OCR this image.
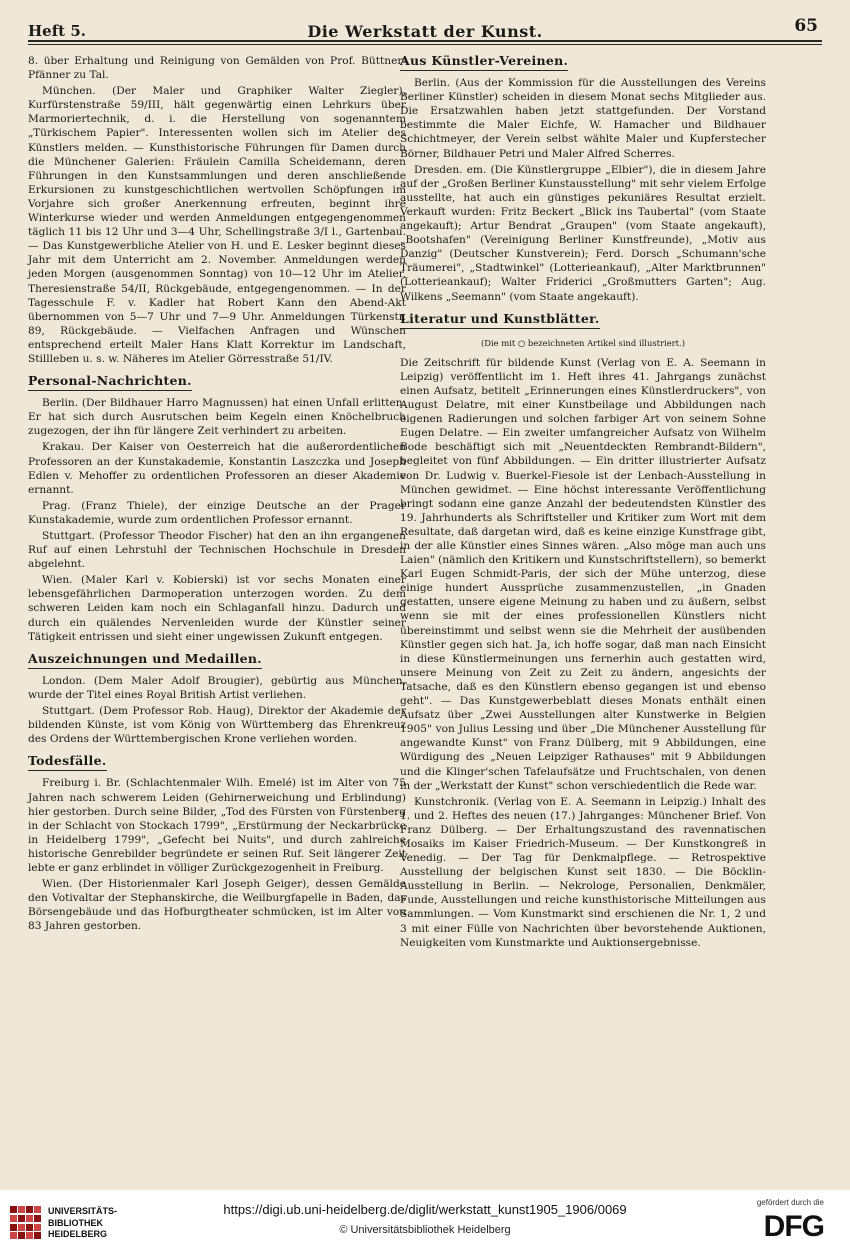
Heft 5.	Die Werkstatt der Kunst.	65

8. über Erhaltung und Reinigung von Gemälden von Prof. Büttner-Pfänner zu Tal.

München. (Der Maler und Graphiker Walter Ziegler), Kurfürstenstraße 59/III, hält gegenwärtig einen Lehrkurs über Marmoriertechnik, d. i. die Herstellung von sogenanntem „Türkischem Papier". Interessenten wollen sich im Atelier des Künstlers melden. — Kunsthistorische Führungen für Damen durch die Münchener Galerien: Fräulein Camilla Scheidemann, deren Führungen in den Kunstsammlungen und deren anschließende Erkursionen zu kunstgeschichtlichen wertvollen Schöpfungen im Vorjahre sich großer Anerkennung erfreuten, beginnt ihre Winterkurse wieder und werden Anmeldungen entgegengenommen täglich 11 bis 12 Uhr und 3—4 Uhr, Schellingstraße 3/I l., Gartenbau. — Das Kunstgewerbliche Atelier von H. und E. Lesker beginnt dieses Jahr mit dem Unterricht am 2. November. Anmeldungen werden jeden Morgen (ausgenommen Sonntag) von 10—12 Uhr im Atelier, Theresienstraße 54/II, Rückgebäude, entgegengenommen. — In der Tagesschule F. v. Kadler hat Robert Kann den Abend-Akt übernommen von 5—7 Uhr und 7—9 Uhr. Anmeldungen Türkenstr. 89, Rückgebäude. — Vielfachen Anfragen und Wünschen entsprechend erteilt Maler Hans Klatt Korrektur im Landschaft, Stillleben u. s. w. Näheres im Atelier Görresstraße 51/IV.

Personal-Nachrichten.

Berlin. (Der Bildhauer Harro Magnussen) hat einen Unfall erlitten. Er hat sich durch Ausrutschen beim Kegeln einen Knöchelbruch zugezogen, der ihn für längere Zeit verhindert zu arbeiten.

Krakau. Der Kaiser von Oesterreich hat die außerordentlichen Professoren an der Kunstakademie, Konstantin Laszczka und Joseph Edlen v. Mehoffer zu ordentlichen Professoren an dieser Akademie ernannt.

Prag. (Franz Thiele), der einzige Deutsche an der Prager Kunstakademie, wurde zum ordentlichen Professor ernannt.

Stuttgart. (Professor Theodor Fischer) hat den an ihn ergangenen Ruf auf einen Lehrstuhl der Technischen Hochschule in Dresden abgelehnt.

Wien. (Maler Karl v. Kobierski) ist vor sechs Monaten einer lebensgefährlichen Darmoperation unterzogen worden. Zu dem schweren Leiden kam noch ein Schlaganfall hinzu. Dadurch und durch ein quälendes Nervenleiden wurde der Künstler seiner Tätigkeit entrissen und sieht einer ungewissen Zukunft entgegen.

Auszeichnungen und Medaillen.

London. (Dem Maler Adolf Brougier), gebürtig aus München, wurde der Titel eines Royal British Artist verliehen.

Stuttgart. (Dem Professor Rob. Haug), Direktor der Akademie der bildenden Künste, ist vom König von Württemberg das Ehrenkreuz des Ordens der Württembergischen Krone verliehen worden.

Todesfälle.

Freiburg i. Br. (Schlachtenmaler Wilh. Emelé) ist im Alter von 75 Jahren nach schwerem Leiden (Gehirnerweichung und Erblindung) hier gestorben. Durch seine Bilder, „Tod des Fürsten von Fürstenberg in der Schlacht von Stockach 1799", „Erstürmung der Neckarbrücke in Heidelberg 1799", „Gefecht bei Nuits", und durch zahlreiche historische Genrebilder begründete er seinen Ruf. Seit längerer Zeit lebte er ganz erblindet in völliger Zurückgezogenheit in Freiburg.

Wien. (Der Historienmaler Karl Joseph Geiger), dessen Gemälde den Votivaltar der Stephanskirche, die Weilburgfapelle in Baden, das Börsengebäude und das Hofburgtheater schmücken, ist im Alter von 83 Jahren gestorben.

Aus Künstler-Vereinen.

Berlin. (Aus der Kommission für die Ausstellungen des Vereins Berliner Künstler) scheiden in diesem Monat sechs Mitglieder aus. Die Ersatzwahlen haben jetzt stattgefunden. Der Vorstand bestimmte die Maler Eichfe, W. Hamacher und Bildhauer Schichtmeyer, der Verein selbst wählte Maler und Kupferstecher Börner, Bildhauer Petri und Maler Alfred Scherres.

Dresden. em. (Die Künstlergruppe „Elbier"), die in diesem Jahre auf der „Großen Berliner Kunstausstellung" mit sehr vielem Erfolge ausstellte, hat auch ein günstiges pekuniäres Resultat erzielt. Verkauft wurden: Fritz Beckert „Blick ins Taubertal" (vom Staate angekauft); Artur Bendrat „Graupen" (vom Staate angekauft), „Bootshafen" (Vereinigung Berliner Kunstfreunde), „Motiv aus Danzig" (Deutscher Kunstverein); Ferd. Dorsch „Schumann'sche Träumerei", „Stadtwinkel" (Lotterieankauf), „Alter Marktbrunnen" (Lotterieankauf); Walter Friderici „Großmutters Garten"; Aug. Wilkens „Seemann" (vom Staate angekauft).

Literatur und Kunstblätter.
(Die mit ○ bezeichneten Artikel sind illustriert.)

Die Zeitschrift für bildende Kunst (Verlag von E. A. Seemann in Leipzig) veröffentlicht im 1. Heft ihres 41. Jahrgangs zunächst einen Aufsatz, betitelt „Erinnerungen eines Künstlerdruckers", von August Delatre, mit einer Kunstbeilage und Abbildungen nach eigenen Radierungen und solchen farbiger Art von seinem Sohne Eugen Delatre. — Ein zweiter umfangreicher Aufsatz von Wilhelm Bode beschäftigt sich mit „Neuentdeckten Rembrandt-Bildern", begleitet von fünf Abbildungen. — Ein dritter illustrierter Aufsatz von Dr. Ludwig v. Buerkel-Fiesole ist der Lenbach-Ausstellung in München gewidmet. — Eine höchst interessante Veröffentlichung bringt sodann eine ganze Anzahl der bedeutendsten Künstler des 19. Jahrhunderts als Schriftsteller und Kritiker zum Wort mit dem Resultate, daß dargetan wird, daß es keine einzige Kunstfrage gibt, in der alle Künstler eines Sinnes wären. „Also möge man auch uns Laien" (nämlich den Kritikern und Kunstschriftstellern), so bemerkt Karl Eugen Schmidt-Paris, der sich der Mühe unterzog, diese einige hundert Aussprüche zusammenzustellen, „in Gnaden gestatten, unsere eigene Meinung zu haben und zu äußern, selbst wenn sie mit der eines professionellen Künstlers nicht übereinstimmt und selbst wenn sie die Mehrheit der ausübenden Künstler gegen sich hat. Ja, ich hoffe sogar, daß man nach Einsicht in diese Künstlermeinungen uns fernerhin auch gestatten wird, unsere Meinung von Zeit zu Zeit zu ändern, angesichts der Tatsache, daß es den Künstlern ebenso gegangen ist und ebenso geht". — Das Kunstgewerbeblatt dieses Monats enthält einen Aufsatz über „Zwei Ausstellungen alter Kunstwerke in Belgien 1905" von Julius Lessing und über „Die Münchener Ausstellung für angewandte Kunst" von Franz Dülberg, mit 9 Abbildungen, eine Würdigung des „Neuen Leipziger Rathauses" mit 9 Abbildungen und die Klinger'schen Tafelaufsätze und Fruchtschalen, von denen in der „Werkstatt der Kunst" schon verschiedentlich die Rede war.

Kunstchronik. (Verlag von E. A. Seemann in Leipzig.) Inhalt des 1. und 2. Heftes des neuen (17.) Jahrganges: Münchener Brief. Von Franz Dülberg. — Der Erhaltungszustand des ravennatischen Mosaiks im Kaiser Friedrich-Museum. — Der Kunstkongreß in Venedig. — Der Tag für Denkmalpflege. — Retrospektive Ausstellung der belgischen Kunst seit 1830. — Die Böcklin-Ausstellung in Berlin. — Nekrologe, Personalien, Denkmäler, Funde, Ausstellungen und reiche kunsthistorische Mitteilungen aus Sammlungen. — Vom Kunstmarkt sind erschienen die Nr. 1, 2 und 3 mit einer Fülle von Nachrichten über bevorstehende Auktionen, Neuigkeiten vom Kunstmarkte und Auktionsergebnisse.

UNIVERSITÄTS-
BIBLIOTHEK
HEIDELBERG
https://digi.ub.uni-heidelberg.de/diglit/werkstatt_kunst1905_1906/0069
© Universitätsbibliothek Heidelberg
gefördert durch die
DFG
